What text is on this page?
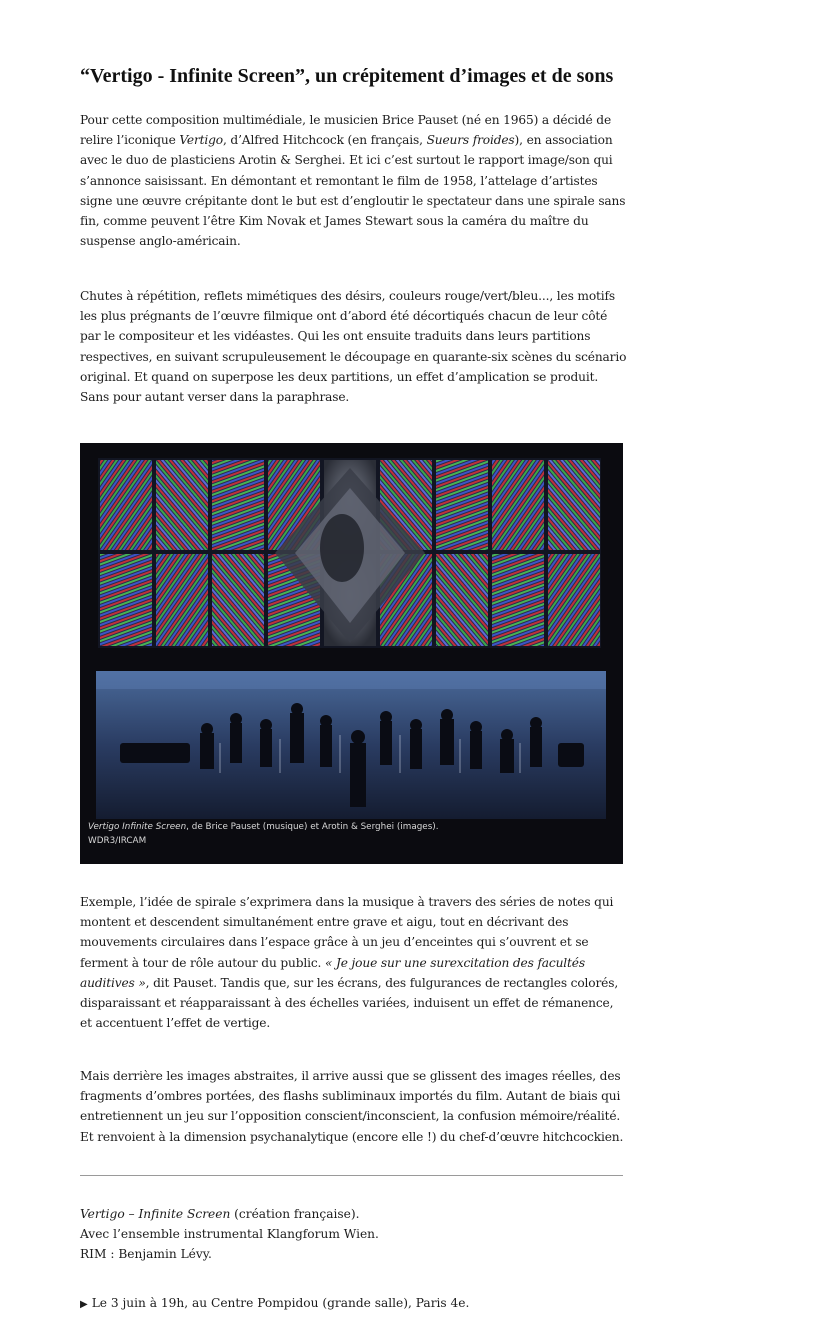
“Vertigo - Infinite Screen”, un crépitement d’images et de sons

Pour cette composition multimédiale, le musicien Brice Pauset (né en 1965) a décidé de relire l’iconique Vertigo, d’Alfred Hitchcock (en français, Sueurs froides), en association avec le duo de plasticiens Arotin & Serghei. Et ici c’est surtout le rapport image/son qui s’annonce saisissant. En démontant et remontant le film de 1958, l’attelage d’artistes signe une œuvre crépitante dont le but est d’engloutir le spectateur dans une spirale sans fin, comme peuvent l’être Kim Novak et James Stewart sous la caméra du maître du suspense anglo-américain.

Chutes à répétition, reflets mimétiques des désirs, couleurs rouge/vert/bleu..., les motifs les plus prégnants de l’œuvre filmique ont d’abord été décortiqués chacun de leur côté par le compositeur et les vidéastes. Qui les ont ensuite traduits dans leurs partitions respectives, en suivant scrupuleusement le découpage en quarante-six scènes du scénario original. Et quand on superpose les deux partitions, un effet d’amplication se produit. Sans pour autant verser dans la paraphrase.

Vertigo Infinite Screen, de Brice Pauset (musique) et Arotin & Serghei (images).
WDR3/IRCAM

Exemple, l’idée de spirale s’exprimera dans la musique à travers des séries de notes qui montent et descendent simultanément entre grave et aigu, tout en décrivant des mouvements circulaires dans l’espace grâce à un jeu d’enceintes qui s’ouvrent et se ferment à tour de rôle autour du public. « Je joue sur une surexcitation des facultés auditives », dit Pauset. Tandis que, sur les écrans, des fulgurances de rectangles colorés, disparaissant et réapparaissant à des échelles variées, induisent un effet de rémanence, et accentuent l’effet de vertige.

Mais derrière les images abstraites, il arrive aussi que se glissent des images réelles, des fragments d’ombres portées, des flashs subliminaux importés du film. Autant de biais qui entretiennent un jeu sur l’opposition conscient/inconscient, la confusion mémoire/réalité. Et renvoient à la dimension psychanalytique (encore elle !) du chef-d’œuvre hitchcockien.

Vertigo – Infinite Screen (création française).
Avec l’ensemble instrumental Klangforum Wien.
RIM : Benjamin Lévy.
▶ Le 3 juin à 19h, au Centre Pompidou (grande salle), Paris 4e.
